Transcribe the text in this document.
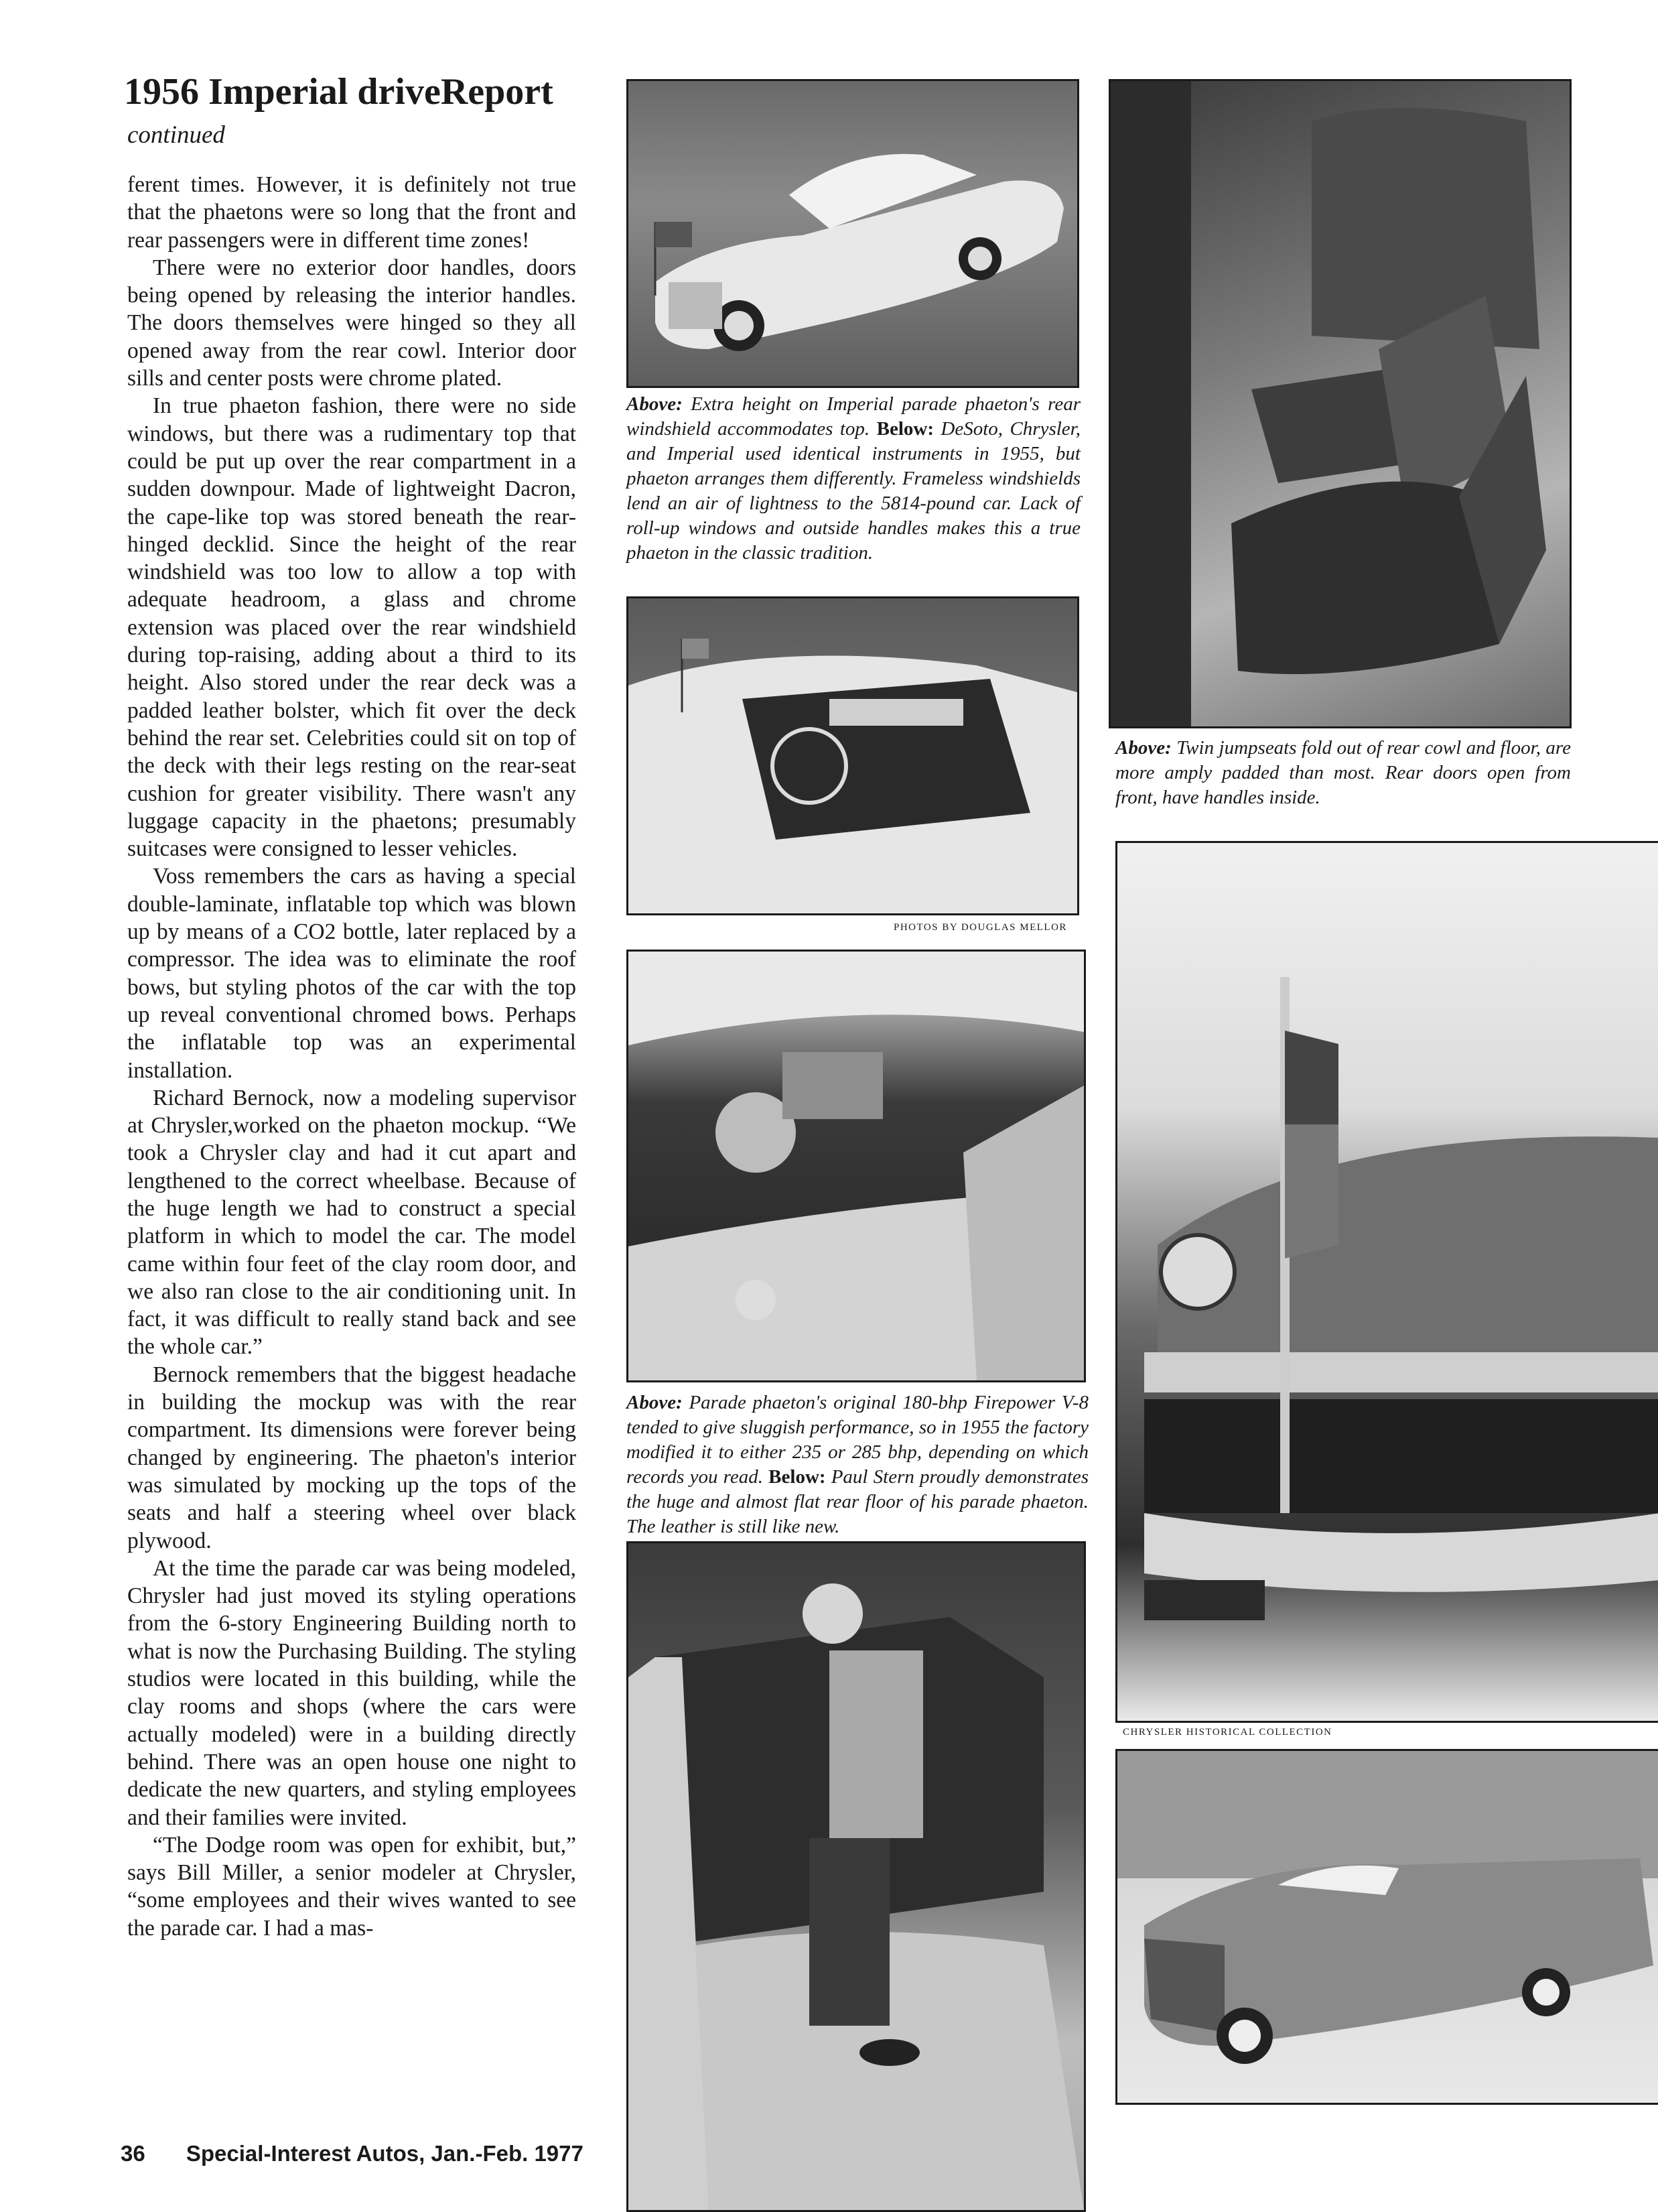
1956 Imperial driveReport
continued

ferent times. However, it is definitely not true that the phaetons were so long that the front and rear passengers were in different time zones!

There were no exterior door handles, doors being opened by releasing the interior handles. The doors themselves were hinged so they all opened away from the rear cowl. Interior door sills and center posts were chrome plated.

In true phaeton fashion, there were no side windows, but there was a rudimentary top that could be put up over the rear compartment in a sudden downpour. Made of lightweight Dacron, the cape-like top was stored beneath the rear-hinged decklid. Since the height of the rear windshield was too low to allow a top with adequate headroom, a glass and chrome extension was placed over the rear windshield during top-raising, adding about a third to its height. Also stored under the rear deck was a padded leather bolster, which fit over the deck behind the rear set. Celebrities could sit on top of the deck with their legs resting on the rear-seat cushion for greater visibility. There wasn't any luggage capacity in the phaetons; presumably suitcases were consigned to lesser vehicles.

Voss remembers the cars as having a special double-laminate, inflatable top which was blown up by means of a CO2 bottle, later replaced by a compressor. The idea was to eliminate the roof bows, but styling photos of the car with the top up reveal conventional chromed bows. Perhaps the inflatable top was an experimental installation.

Richard Bernock, now a modeling supervisor at Chrysler,worked on the phaeton mockup. “We took a Chrysler clay and had it cut apart and lengthened to the correct wheelbase. Because of the huge length we had to construct a special platform in which to model the car. The model came within four feet of the clay room door, and we also ran close to the air conditioning unit. In fact, it was difficult to really stand back and see the whole car.”

Bernock remembers that the biggest headache in building the mockup was with the rear compartment. Its dimensions were forever being changed by engineering. The phaeton's interior was simulated by mocking up the tops of the seats and half a steering wheel over black plywood.

At the time the parade car was being modeled, Chrysler had just moved its styling operations from the 6-story Engineering Building north to what is now the Purchasing Building. The styling studios were located in this building, while the clay rooms and shops (where the cars were actually modeled) were in a building directly behind. There was an open house one night to dedicate the new quarters, and styling employees and their families were invited.

“The Dodge room was open for exhibit, but,” says Bill Miller, a senior modeler at Chrysler, “some employees and their wives wanted to see the parade car. I had a mas-

Above: Extra height on Imperial parade phaeton's rear windshield accommodates top. Below: DeSoto, Chrysler, and Imperial used identical instruments in 1955, but phaeton arranges them differently. Frameless windshields lend an air of lightness to the 5814-pound car. Lack of roll-up windows and outside handles makes this a true phaeton in the classic tradition.
Above: Twin jumpseats fold out of rear cowl and floor, are more amply padded than most. Rear doors open from front, have handles inside.
PHOTOS BY DOUGLAS MELLOR
Above: Parade phaeton's original 180-bhp Firepower V-8 tended to give sluggish performance, so in 1955 the factory modified it to either 235 or 285 bhp, depending on which records you read. Below: Paul Stern proudly demonstrates the huge and almost flat rear floor of his parade phaeton. The leather is still like new.
CHRYSLER HISTORICAL COLLECTION
36 Special-Interest Autos, Jan.-Feb. 1977
